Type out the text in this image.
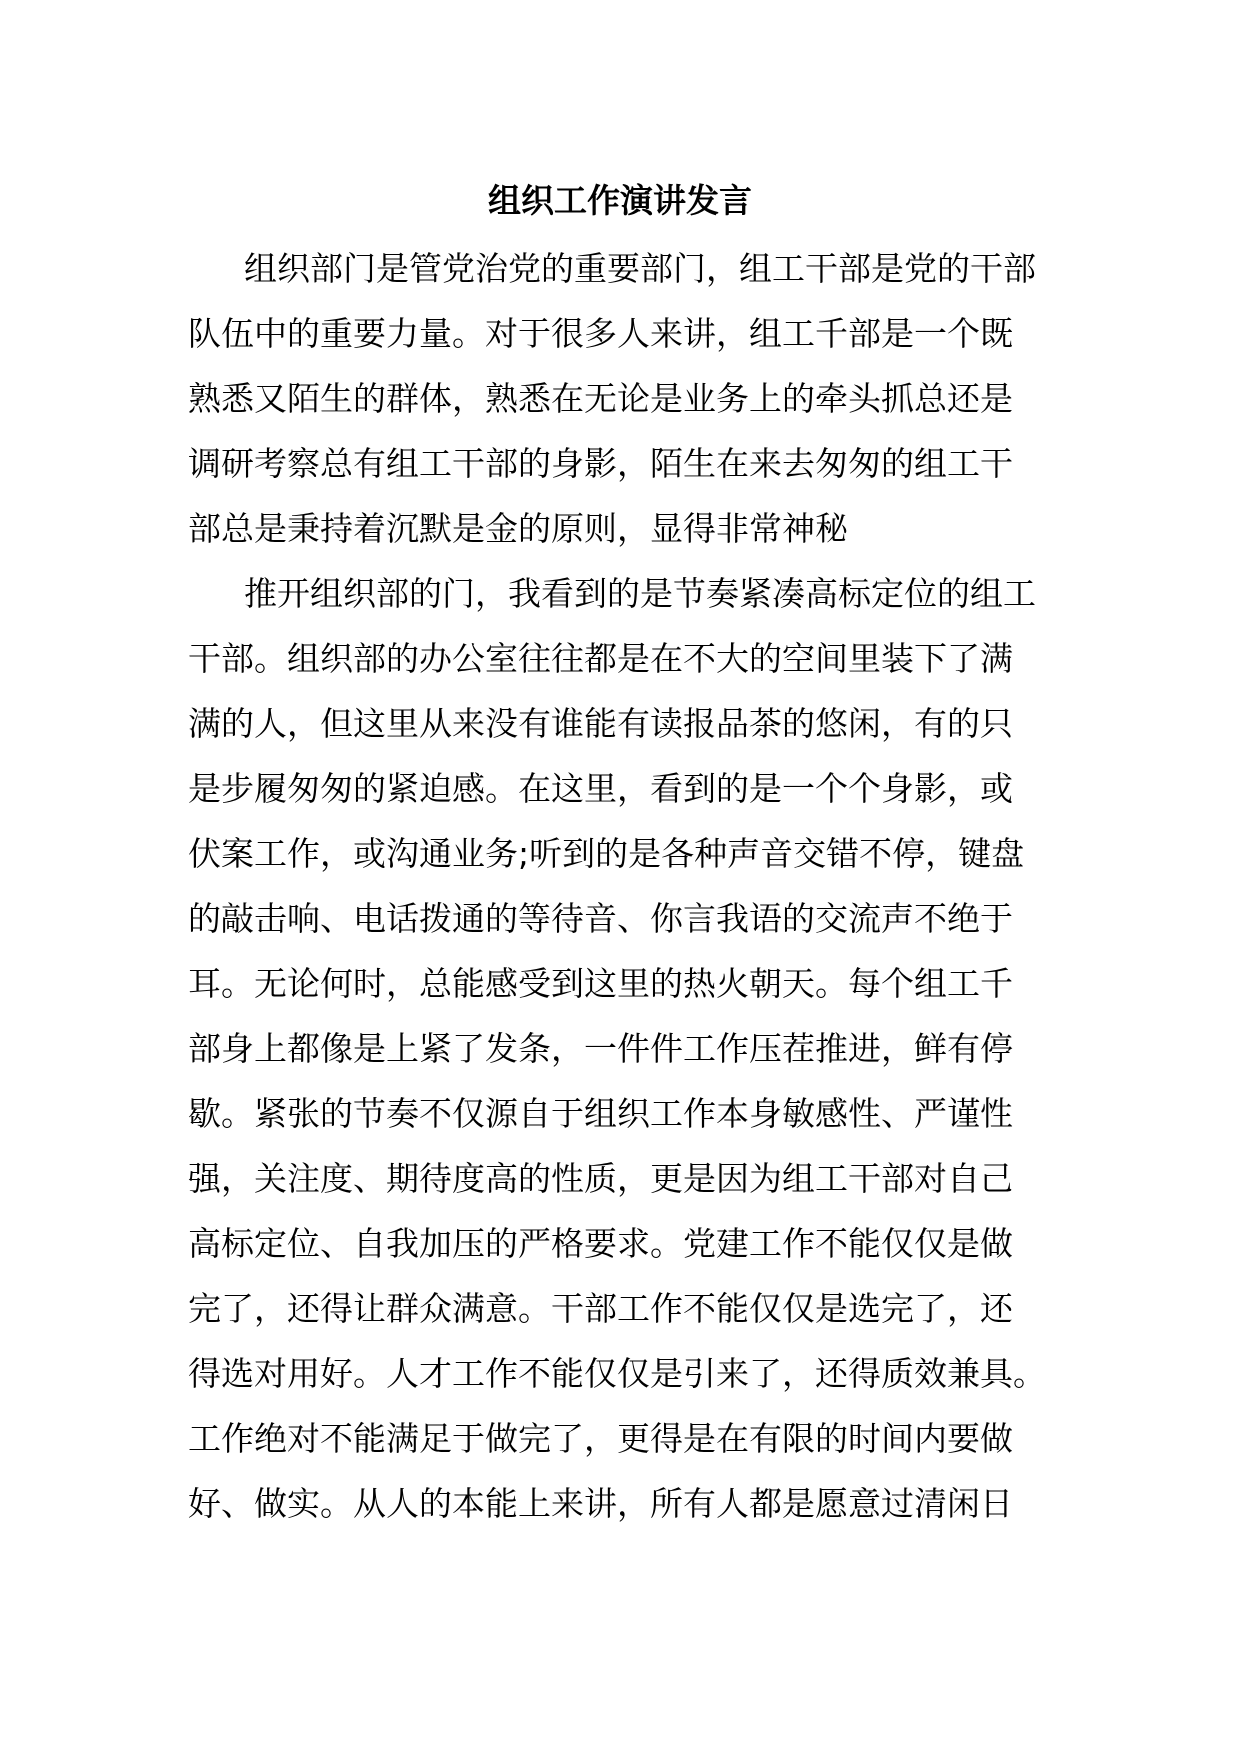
组织工作演讲发言
组织部门是管党治党的重要部门，组工干部是党的干部
队伍中的重要力量。对于很多人来讲，组工千部是一个既
熟悉又陌生的群体，熟悉在无论是业务上的牵头抓总还是
调研考察总有组工干部的身影，陌生在来去匆匆的组工干
部总是秉持着沉默是金的原则，显得非常神秘
推开组织部的门，我看到的是节奏紧凑高标定位的组工
干部。组织部的办公室往往都是在不大的空间里装下了满
满的人，但这里从来没有谁能有读报品茶的悠闲，有的只
是步履匆匆的紧迫感。在这里，看到的是一个个身影，或
伏案工作，或沟通业务;听到的是各种声音交错不停，键盘
的敲击响、电话拨通的等待音、你言我语的交流声不绝于
耳。无论何时，总能感受到这里的热火朝天。每个组工千
部身上都像是上紧了发条，一件件工作压茬推进，鲜有停
歇。紧张的节奏不仅源自于组织工作本身敏感性、严谨性
强，关注度、期待度高的性质，更是因为组工干部对自己
高标定位、自我加压的严格要求。党建工作不能仅仅是做
完了，还得让群众满意。干部工作不能仅仅是选完了，还
得选对用好。人才工作不能仅仅是引来了，还得质效兼具。
工作绝对不能满足于做完了，更得是在有限的时间内要做
好、做实。从人的本能上来讲，所有人都是愿意过清闲日
